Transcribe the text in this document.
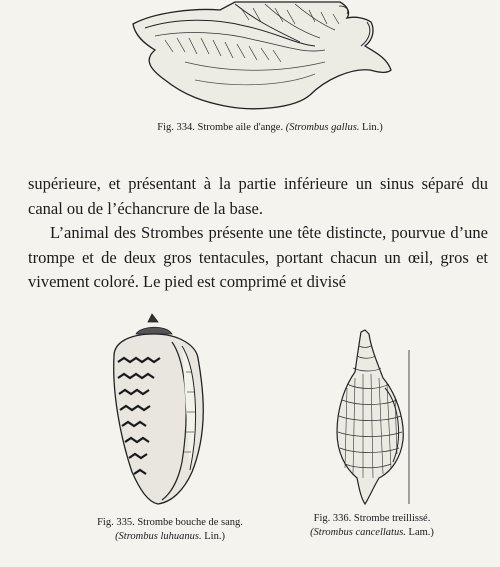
Fig. 334. Strombe aile d'ange. (Strombus gallus. Lin.)

supérieure, et présentant à la partie inférieure un sinus séparé du canal ou de l’échancrure de la base.

L’animal des Strombes présente une tête distincte, pourvue d’une trompe et de deux gros tentacules, portant chacun un œil, gros et vivement coloré. Le pied est comprimé et divisé

Fig. 335. Strombe bouche de sang.
(Strombus luhuanus. Lin.)
Fig. 336. Strombe treillissé.
(Strombus cancellatus. Lam.)
